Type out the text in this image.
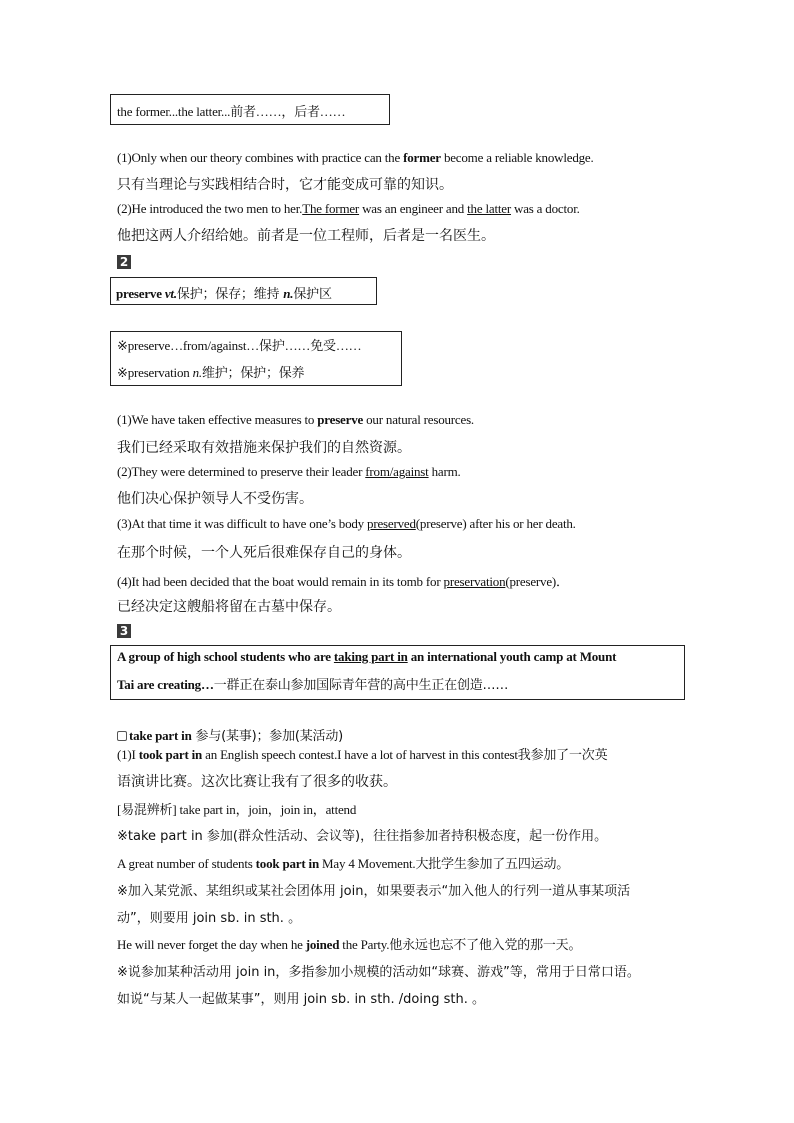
the former...the latter...前者……，后者……
(1)Only when our theory combines with practice can the former become a reliable knowledge.
只有当理论与实践相结合时，它才能变成可靠的知识。
(2)He introduced the two men to her.The former was an engineer and the latter was a doctor.
他把这两人介绍给她。前者是一位工程师，后者是一名医生。
2
preserve vt.保护；保存；维持 n.保护区
※preserve…from/against…保护……免受……
※preservation n.维护；保护；保养
(1)We have taken effective measures to preserve our natural resources.
我们已经采取有效措施来保护我们的自然资源。
(2)They were determined to preserve their leader from/against harm.
他们决心保护领导人不受伤害。
(3)At that time it was difficult to have one’s body preserved(preserve) after his or her death.
在那个时候，一个人死后很难保存自己的身体。
(4)It had been decided that the boat would remain in its tomb for preservation(preserve)．
已经决定这艘船将留在古墓中保存。
3
A group of high school students who are taking part in an international youth camp at Mount
Tai are creating…一群正在泰山参加国际青年营的高中生正在创造……
take part in 参与(某事)；参加(某活动)
(1)I took part in an English speech contest.I have a lot of harvest in this contest我参加了一次英
语演讲比赛。这次比赛让我有了很多的收获。
[易混辨析] take part in，join，join in，attend
※take part in 参加(群众性活动、会议等)，往往指参加者持积极态度，起一份作用。
A great number of students took part in May 4 Movement.大批学生参加了五四运动。
※加入某党派、某组织或某社会团体用 join，如果要表示“加入他人的行列一道从事某项活
动”，则要用 join sb. in sth. 。
He will never forget the day when he joined the Party.他永远也忘不了他入党的那一天。
※说参加某种活动用 join in，多指参加小规模的活动如“球赛、游戏”等，常用于日常口语。
如说“与某人一起做某事”，则用 join sb. in sth. /doing sth. 。
